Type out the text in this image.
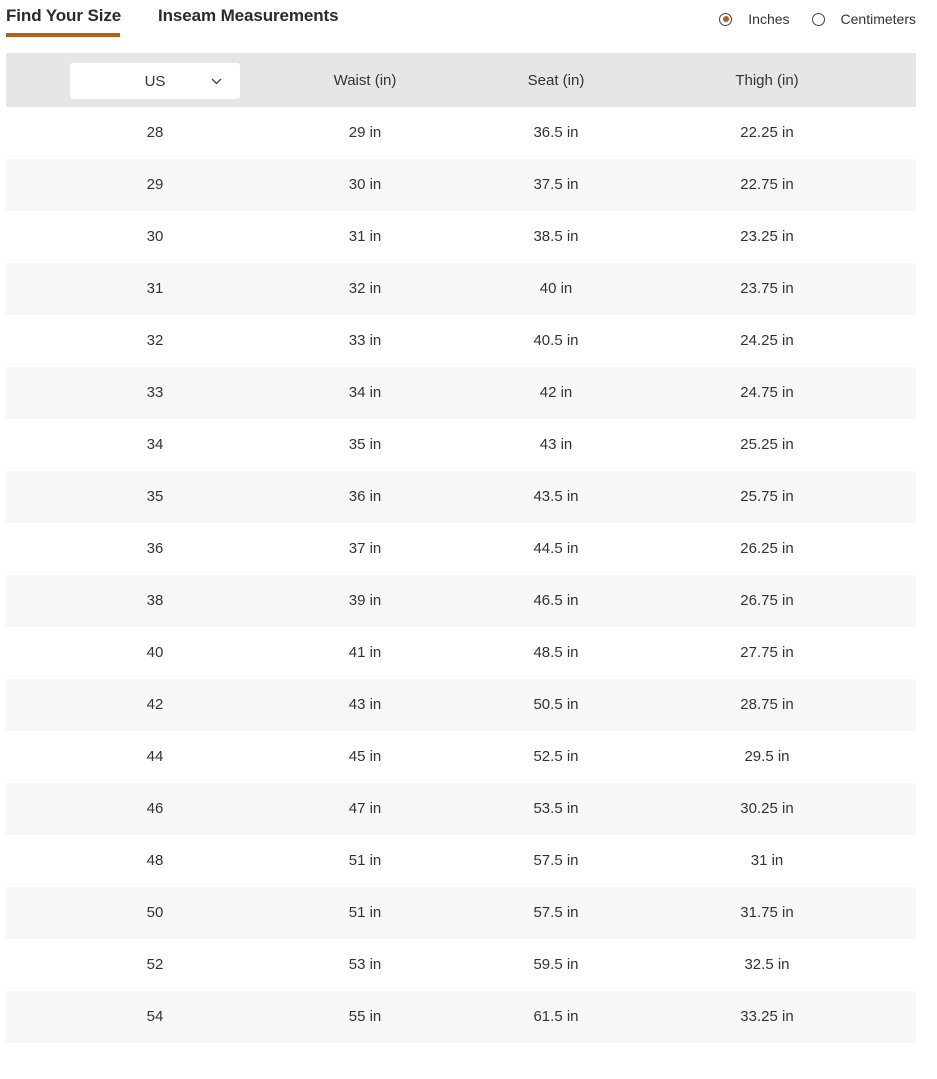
Find Your Size Inseam Measurements	Inches	Centimeters
US	Waist (in)	Seat (in)	Thigh (in)
28	29 in	36.5 in	22.25 in
29	30 in	37.5 in	22.75 in
30	31 in	38.5 in	23.25 in
31	32 in	40 in	23.75 in
32	33 in	40.5 in	24.25 in
33	34 in	42 in	24.75 in
34	35 in	43 in	25.25 in
35	36 in	43.5 in	25.75 in
36	37 in	44.5 in	26.25 in
38	39 in	46.5 in	26.75 in
40	41 in	48.5 in	27.75 in
42	43 in	50.5 in	28.75 in
44	45 in	52.5 in	29.5 in
46	47 in	53.5 in	30.25 in
48	51 in	57.5 in	31 in
50	51 in	57.5 in	31.75 in
52	53 in	59.5 in	32.5 in
54	55 in	61.5 in	33.25 in
